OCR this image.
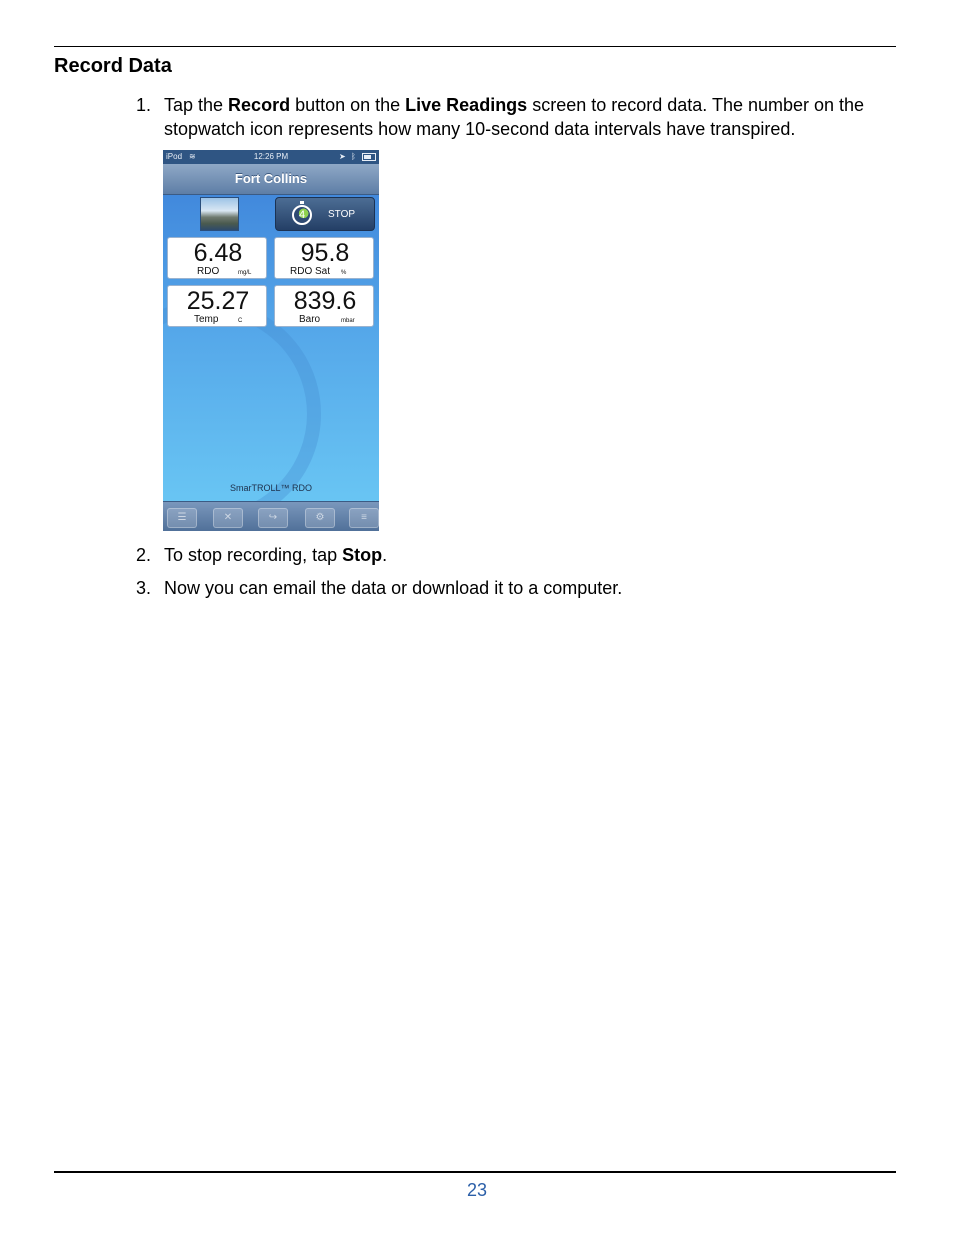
Record Data
1. Tap the Record button on the Live Readings screen to record data. The number on the stopwatch icon represents how many 10-second data intervals have transpired.
iPod ≋	12:26 PM	➤ ᛒ
Fort Collins
4	STOP
6.48
RDO	mg/L
95.8
RDO Sat %
25.27
Temp	C
839.6
Baro	mbar
SmarTROLL™ RDO
☰	✕	↪	⚙	≡
2. To stop recording, tap Stop.
3. Now you can email the data or download it to a computer.
23
